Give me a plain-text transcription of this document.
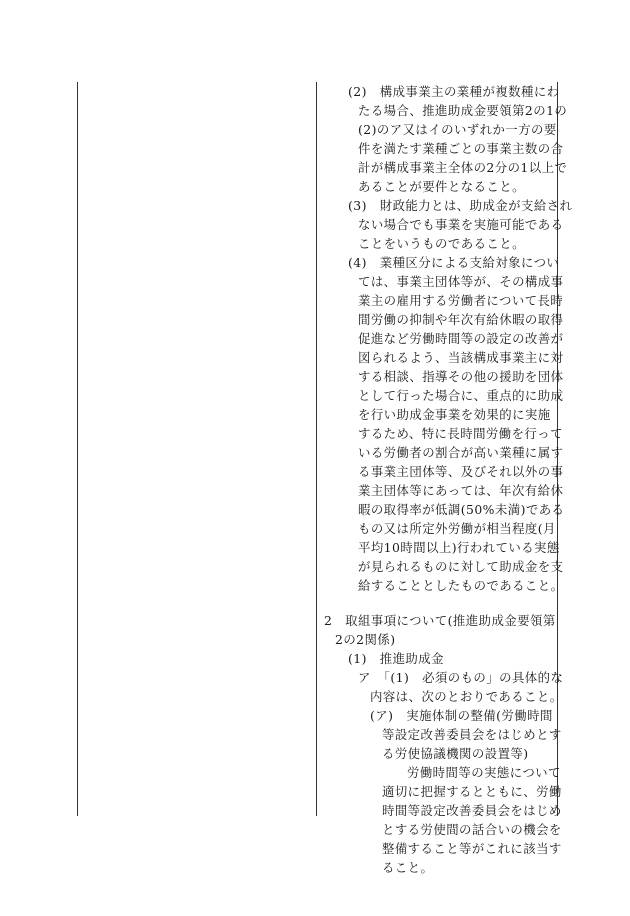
(2)　構成事業主の業種が複数種にわ
たる場合、推進助成金要領第2の1の
(2)のア又はイのいずれか一方の要
件を満たす業種ごとの事業主数の合
計が構成事業主全体の2分の1以上で
あることが要件となること。
(3)　財政能力とは、助成金が支給され
ない場合でも事業を実施可能である
ことをいうものであること。
(4)　業種区分による支給対象につい
ては、事業主団体等が、その構成事
業主の雇用する労働者について長時
間労働の抑制や年次有給休暇の取得
促進など労働時間等の設定の改善が
図られるよう、当該構成事業主に対
する相談、指導その他の援助を団体
として行った場合に、重点的に助成
を行い助成金事業を効果的に実施
するため、特に長時間労働を行って
いる労働者の割合が高い業種に属す
る事業主団体等、及びそれ以外の事
業主団体等にあっては、年次有給休
暇の取得率が低調(50%未満)である
もの又は所定外労働が相当程度(月
平均10時間以上)行われている実態
が見られるものに対して助成金を支
給することとしたものであること。
2　取組事項について(推進助成金要領第
2の2関係)
(1)　推進助成金
ア　「(1)　必須のもの」の具体的な
内容は、次のとおりであること。
(ア)　実施体制の整備(労働時間
等設定改善委員会をはじめとす
る労使協議機関の設置等)
労働時間等の実態について
適切に把握するとともに、労働
時間等設定改善委員会をはじめ
とする労使間の話合いの機会を
整備すること等がこれに該当す
ること。
